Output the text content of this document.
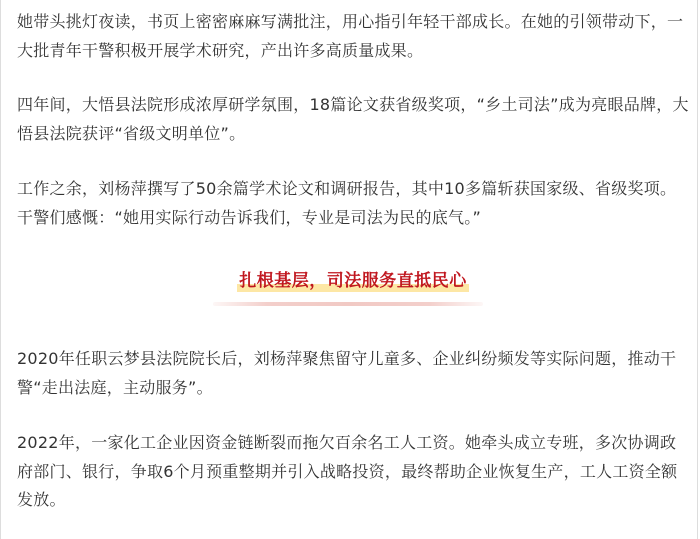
她带头挑灯夜读，书页上密密麻麻写满批注，用心指引年轻干部成长。在她的引领带动下，一大批青年干警积极开展学术研究，产出许多高质量成果。

四年间，大悟县法院形成浓厚研学氛围，18篇论文获省级奖项，“乡土司法”成为亮眼品牌，大悟县法院获评“省级文明单位”。

工作之余，刘杨萍撰写了50余篇学术论文和调研报告，其中10多篇斩获国家级、省级奖项。干警们感慨：“她用实际行动告诉我们，专业是司法为民的底气。”

扎根基层，司法服务直抵民心

2020年任职云梦县法院院长后，刘杨萍聚焦留守儿童多、企业纠纷频发等实际问题，推动干警“走出法庭，主动服务”。

2022年，一家化工企业因资金链断裂而拖欠百余名工人工资。她牵头成立专班，多次协调政府部门、银行，争取6个月预重整期并引入战略投资，最终帮助企业恢复生产，工人工资全额发放。
